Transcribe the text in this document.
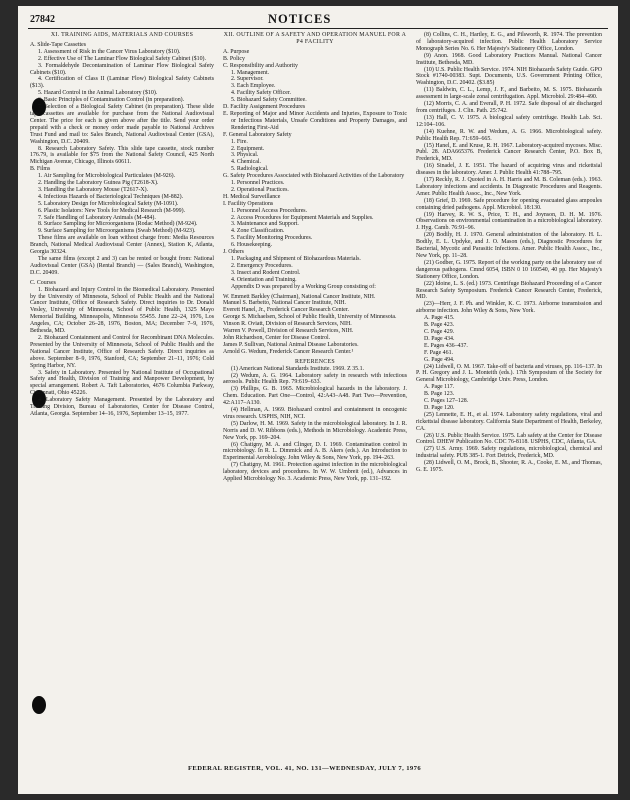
27842	NOTICES

XI. TRAINING AIDS, MATERIALS AND COURSES

A. Slide-Tape Cassettes

1. Assessment of Risk in the Cancer Virus Laboratory ($10).

2. Effective Use of The Laminar Flow Biological Safety Cabinet ($10).

3. Formaldehyde Decontamination of Laminar Flow Biological Safety Cabinets ($10).

4. Certification of Class II (Laminar Flow) Biological Safety Cabinets ($13).

5. Hazard Control in the Animal Laboratory ($10).

6. Basic Principles of Contamination Control (in preparation).

7. Selection of a Biological Safety Cabinet (in preparation). These slide tape cassettes are available for purchase from the National Audiovisual Center. The price for each is given above after the title. Send your order prepaid with a check or money order made payable to National Archives Trust Fund and mail to: Sales Branch, National Audiovisual Center (GSA), Washington, D.C. 20409.

8. Research Laboratory Safety. This slide tape cassette, stock number 176.79, is available for $75 from the National Safety Council, 425 North Michigan Avenue, Chicago, Illinois 60611.

B. Films

1. Air Sampling for Microbiological Particulates (M-926).

2. Handling the Laboratory Guinea Pig (T2618-X).

3. Handling the Laboratory Mouse (T2617-X).

4. Infectious Hazards of Bacteriological Techniques (M-882).

5. Laboratory Design for Microbiological Safety (M-1091).

6. Plastic Isolators: New Tools for Medical Research (M-999).

7. Safe Handling of Laboratory Animals (M-484).

8. Surface Sampling for Microorganisms (Rodac Method) (M-924).

9. Surface Sampling for Microorganisms (Swab Method) (M-923).

These films are available on loan without charge from: Media Resources Branch, National Medical Audiovisual Center (Annex), Station K, Atlanta, Georgia 30324.

The same films (except 2 and 3) can be rented or bought from: National Audiovisual Center (GSA) (Rental Branch) — (Sales Branch), Washington, D.C. 20409.

C. Courses

1. Biohazard and Injury Control in the Biomedical Laboratory. Presented by the University of Minnesota, School of Public Health and the National Cancer Institute, Office of Research Safety. Direct inquiries to Dr. Donald Vesley, University of Minnesota, School of Public Health, 1325 Mayo Memorial Building, Minneapolis, Minnesota 55455. June 22–24, 1976, Los Angeles, CA; October 26–28, 1976, Boston, MA; December 7–9, 1976, Bethesda, MD.

2. Biohazard Containment and Control for Recombinant DNA Molecules. Presented by the University of Minnesota, School of Public Health and the National Cancer Institute, Office of Research Safety. Direct inquiries as above. September 8–9, 1976, Stanford, CA; September 21–11, 1976; Cold Spring Harbor, NY.

3. Safety in Laboratory. Presented by National Institute of Occupational Safety and Health, Division of Training and Manpower Development, by special arrangement. Robert A. Taft Laboratories, 4676 Columbia Parkway, Cincinnati, Ohio 45226.

4. Laboratory Safety Management. Presented by the Laboratory and Training Division, Bureau of Laboratories, Center for Disease Control, Atlanta, Georgia. September 14–16, 1976, September 13–15, 1977.

XII. OUTLINE OF A SAFETY AND OPERATION MANUEL FOR A P4 FACILITY

A. Purpose

B. Policy

C. Responsibility and Authority

1. Management.

2. Supervisor.

3. Each Employee.

4. Facility Safety Officer.

5. Biohazard Safety Committee.

D. Facility Assignment Procedures

E. Reporting of Major and Minor Accidents and Injuries, Exposure to Toxic or Infectious Materials, Unsafe Conditions and Property Damages, and Rendering First-Aid

F. General Laboratory Safety

1. Fire.

2. Equipment.

3. Physical.

4. Chemical.

5. Radiological.

G. Safety Procedures Associated with Biohazard Activities of the Laboratory

1. Personnel Practices.

2. Operational Practices.

H. Medical Surveillance

I. Facility Operations

1. Personnel Access Procedures.

2. Access Procedures for Equipment Materials and Supplies.

3. Maintenance and Support.

4. Zone Classification.

5. Facility Monitoring Procedures.

6. Housekeeping.

J. Others

1. Packaging and Shipment of Biohazardous Materials.

2. Emergency Procedures.

3. Insect and Rodent Control.

4. Orientation and Training.

Appendix D was prepared by a Working Group consisting of:

W. Emmett Barkley (Chairman), National Cancer Institute, NIH.

Manuel S. Barbeito, National Cancer Institute, NIH.

Everett Hanel, Jr., Frederick Cancer Research Center.

George S. Michaelsen, School of Public Health, University of Minnesota.

Vinson R. Oviatt, Division of Research Services, NIH.

Warren V. Powell, Division of Research Services, NIH.

John Richardson, Center for Disease Control.

James P. Sullivan, National Animal Disease Laboratories.

Arnold G. Wedum, Frederick Cancer Research Center.¹

REFERENCES

(1) American National Standards Institute. 1969. Z 35.1.

(2) Wedum, A. G. 1964. Laboratory safety in research with infectious aerosols. Public Health Rep. 79:619–633.

(3) Phillips, G. B. 1965. Microbiological hazards in the laboratory. J. Chem. Education. Part One—Control, 42:A43–A48. Part Two—Prevention, 42:A117–A130.

(4) Hellman, A. 1969. Biohazard control and containment in oncogenic virus research. USPHS, NIH, NCI.

(5) Darlow, H. M. 1969. Safety in the microbiological laboratory. In J. R. Norris and D. W. Ribbons (eds.), Methods in Microbiology. Academic Press, New York, pp. 169–204.

(6) Chatigny, M. A. and Clinger, D. I. 1969. Contamination control in microbiology. In R. L. Dimmick and A. B. Akers (eds.). An Introduction to Experimental Aerobiology. John Wiley & Sons, New York, pp. 194–263.

(7) Chatigny, M. 1961. Protection against infection in the microbiological laboratory, devices and procedures. In W. W. Umbreit (ed.), Advances in Applied Microbiology No. 3. Academic Press, New York, pp. 131–192.

(8) Collins, C. H., Hartley, E. G., and Pilsworth, R. 1974. The prevention of laboratory-acquired infection. Public Health Laboratory Service Monograph Series No. 6. Her Majesty's Stationery Office, London.

(9) Anon. 1968. Good Laboratory Practices Manual. National Cancer Institute, Bethesda, MD.

(10) U.S. Public Health Service. 1974. NIH Biohazards Safety Guide. GPO Stock #1740-00383. Supt. Documents, U.S. Government Printing Office, Washington, D.C. 20402. ($3.85)

(11) Baldwin, C. L., Lemp, J. F., and Barbeito, M. S. 1975. Biohazards assessment in large-scale zonal centrifugation. Appl. Microbiol. 29:484–490.

(12) Morris, C. A. and Everall, P. H. 1972. Safe disposal of air discharged from centrifuges. J. Clin. Path. 25:742.

(13) Hall, C. V. 1975. A biological safety centrifuge. Health Lab. Sci. 12:104–106.

(14) Kuehne, R. W. and Wedum, A. G. 1966. Microbiological safety. Public Health Rep. 71:659–665.

(15) Hanel, E. and Kruse, R. H. 1967. Laboratory-acquired mycoses. Misc. Publ. 28. ADA665376. Frederick Cancer Research Center, P.O. Box B, Frederick, MD.

(16) Sinadel, J. E. 1951. The hazard of acquiring virus and rickettsial diseases in the laboratory. Amer. J. Public Health 41:788–795.

(17) Reckly, R. J. Quoted in A. H. Harris and M. B. Coleman (eds.). 1963. Laboratory infections and accidents. In Diagnostic Procedures and Reagents. Amer. Public Health Assoc., Inc., New York.

(18) Grief, D. 1969. Safe procedure for opening evacuated glass ampoules containing dried pathogens. Appl. Microbiol. 18:130.

(19) Harvey, R. W. S., Price, T. H., and Joynson, D. H. M. 1976. Observations on environmental contamination in a microbiological laboratory. J. Hyg. Camb. 76:91–96.

(20) Bodily, H. J. 1970. General administration of the laboratory. H. L. Bodily, E. L. Updyke, and J. O. Mason (eds.), Diagnostic Procedures for Bacterial, Mycotic and Parasitic Infections. Amer. Public Health Assoc., Inc., New York, pp. 11–28.

(21) Godber, G. 1975. Report of the working party on the laboratory use of dangerous pathogens. Cmnd 6054, ISBN 0 10 160540, 40 pp. Her Majesty's Stationery Office, London.

(22) Idoine, L. S. (ed.) 1973. Centrifuge Biohazard Proceeding of a Cancer Research Safety Symposium. Frederick Cancer Research Center, Frederick, MD.

(23)—Herr, J. F. Ph. and Winkler, K. C. 1973. Airborne transmission and airborne infection. John Wiley & Sons, New York.

A. Page 415.

B. Page 423.

C. Page 429.

D. Page 434.

E. Pages 436–437.

F. Page 461.

G. Page 494.

(24) Lidwell, O. M. 1967. Take-off of bacteria and viruses, pp. 116–137. In P. H. Gregory and J. L. Monteith (eds.). 17th Symposium of the Society for General Microbiology, Cambridge Univ. Press, London.

A. Page 117.

B. Page 123.

C. Pages 127–128.

D. Page 120.

(25) Lennette, E. H., et al. 1974. Laboratory safety regulations, viral and rickettsial disease laboratory. California State Department of Health, Berkeley, CA.

(26) U.S. Public Health Service. 1975. Lab safety at the Center for Disease Control. DHEW Publication No. CDC 76-8118. USPHS, CDC, Atlanta, GA.

(27) U.S. Army. 1969. Safety regulations, microbiological, chemical and industrial safety. PUB 385-1. Fort Detrick, Frederick, MD.

(28) Lidwell, O. M., Brock, B., Shooter, R. A., Cooke, E. M., and Thomas, G. E. 1975.

FEDERAL REGISTER, VOL. 41, NO. 131—WEDNESDAY, JULY 7, 1976
